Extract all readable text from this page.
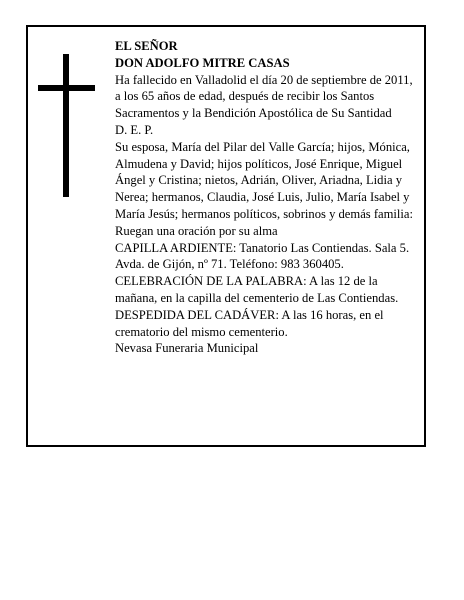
EL SEÑOR

DON ADOLFO MITRE CASAS

Ha fallecido en Valladolid el día 20 de septiembre de 2011, a los 65 años de edad, después de recibir los Santos Sacramentos y la Bendición Apostólica de Su Santidad

D. E. P.

Su esposa, María del Pilar del Valle García; hijos, Mónica, Almudena y David; hijos políticos, José Enrique, Miguel Ángel y Cristina; nietos, Adrián, Oliver, Ariadna, Lidia y Nerea; hermanos, Claudia, José Luis, Julio, María Isabel y María Jesús; hermanos políticos, sobrinos y demás familia:

Ruegan una oración por su alma

CAPILLA ARDIENTE: Tanatorio Las Contiendas. Sala 5. Avda. de Gijón, nº 71. Teléfono: 983 360405.

CELEBRACIÓN DE LA PALABRA: A las 12 de la mañana, en la capilla del cementerio de Las Contiendas.

DESPEDIDA DEL CADÁVER: A las 16 horas, en el crematorio del mismo cementerio.

Nevasa Funeraria Municipal
